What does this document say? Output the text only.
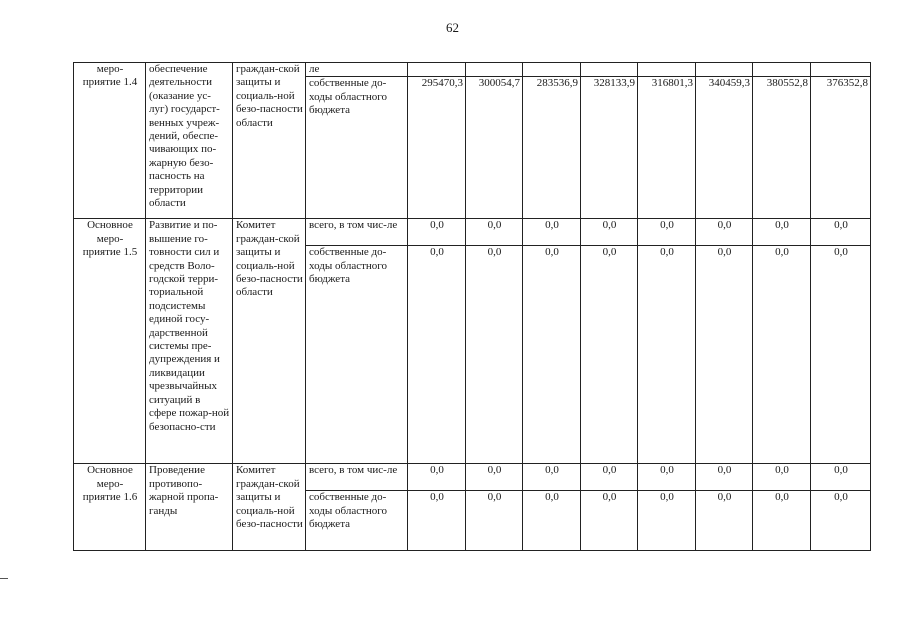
62
меро-
приятие 1.4	обеспечение деятельности (оказание ус-луг) государст-венных учреж-дений, обеспе-чивающих по-жарную безо-пасность на территории области	граждан-ской защиты и социаль-ной безо-пасности области	ле								
			собственные до-ходы областного бюджета	295470,3	300054,7	283536,9	328133,9	316801,3	340459,3	380552,8	376352,8
Основное меро-
приятие 1.5	Развитие и по-вышение го-товности сил и средств Воло-годской терри-ториальной подсистемы единой госу-дарственной системы пре-дупреждения и ликвидации чрезвычайных ситуаций в сфере пожар-ной безопасно-сти	Комитет граждан-ской защиты и социаль-ной безо-пасности области	всего, в том чис-ле	0,0	0,0	0,0	0,0	0,0	0,0	0,0	0,0
			собственные до-ходы областного бюджета	0,0	0,0	0,0	0,0	0,0	0,0	0,0	0,0
Основное меро-
приятие 1.6	Проведение противопо-жарной пропа-ганды	Комитет граждан-ской защиты и социаль-ной безо-пасности	всего, в том чис-ле	0,0	0,0	0,0	0,0	0,0	0,0	0,0	0,0
			собственные до-ходы областного бюджета	0,0	0,0	0,0	0,0	0,0	0,0	0,0	0,0
